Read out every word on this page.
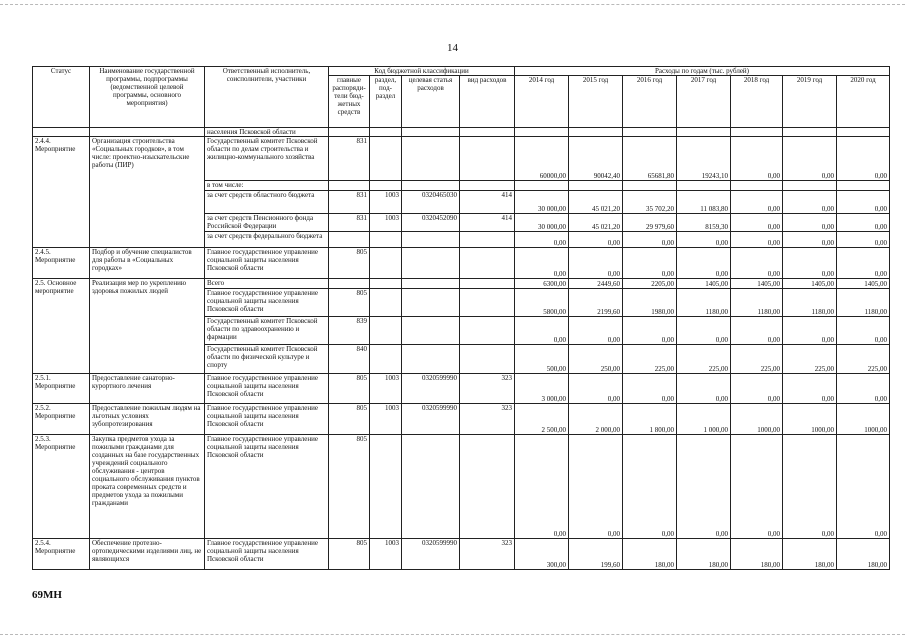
14
Статус	Наименование государственной программы, подпрограммы (ведомственной целевой программы, основного мероприятия)	Ответственный исполнитель, соисполнители, участники	Код бюджетной классификации				Расходы по годам (тыс. рублей)						
			главные распоряди-тели бюд-жетных средств	раздел, под-раздел	целевая статья расходов	вид расходов	2014 год	2015 год	2016 год	2017 год	2018 год	2019 год	2020 год
		населения Псковской области											
2.4.4. Мероприятие	Организация строительства «Социальных городков», в том числе: проектно-изыскательские работы (ПИР)	Государственный комитет Псковской области по делам строительства и жилищно-коммунального хозяйства	831				60000,00	90042,40	65681,80	19243,10	0,00	0,00	0,00
		в том числе:											
		за счет средств областного бюджета	831	1003	0320465030	414	30 000,00	45 021,20	35 702,20	11 083,80	0,00	0,00	0,00
		за счет средств Пенсионного фонда Российской Федерации	831	1003	0320452090	414	30 000,00	45 021,20	29 979,60	8159,30	0,00	0,00	0,00
		за счет средств федерального бюджета					0,00	0,00	0,00	0,00	0,00	0,00	0,00
2.4.5. Мероприятие	Подбор и обучение специалистов для работы в «Социальных городках»	Главное государственное управление социальной защиты населения Псковской области	805				0,00	0,00	0,00	0,00	0,00	0,00	0,00
2.5. Основное мероприятие	Реализация мер по укреплению здоровья пожилых людей	Всего					6300,00	2449,60	2205,00	1405,00	1405,00	1405,00	1405,00
		Главное государственное управление социальной защиты населения Псковской области	805				5800,00	2199,60	1980,00	1180,00	1180,00	1180,00	1180,00
		Государственный комитет Псковской области по здравоохранению и фармации	839				0,00	0,00	0,00	0,00	0,00	0,00	0,00
		Государственный комитет Псковской области по физической культуре и спорту	840				500,00	250,00	225,00	225,00	225,00	225,00	225,00
2.5.1. Мероприятие	Предоставление санаторно-курортного лечения	Главное государственное управление социальной защиты населения Псковской области	805	1003	0320599990	323	3 000,00	0,00	0,00	0,00	0,00	0,00	0,00
2.5.2. Мероприятие	Предоставление пожилым людям на льготных условиях зубопротезирования	Главное государственное управление социальной защиты населения Псковской области	805	1003	0320599990	323	2 500,00	2 000,00	1 800,00	1 000,00	1000,00	1000,00	1000,00
2.5.3. Мероприятие	Закупка предметов ухода за пожилыми гражданами для созданных на базе государственных учреждений социального обслуживания - центров социального обслуживания пунктов проката современных средств и предметов ухода за пожилыми гражданами	Главное государственное управление социальной защиты населения Псковской области	805				0,00	0,00	0,00	0,00	0,00	0,00	0,00
2.5.4. Мероприятие	Обеспечение протезно-ортопедическими изделиями лиц, не являющихся	Главное государственное управление социальной защиты населения Псковской области	805	1003	0320599990	323	300,00	199,60	180,00	180,00	180,00	180,00	180,00
69МН
